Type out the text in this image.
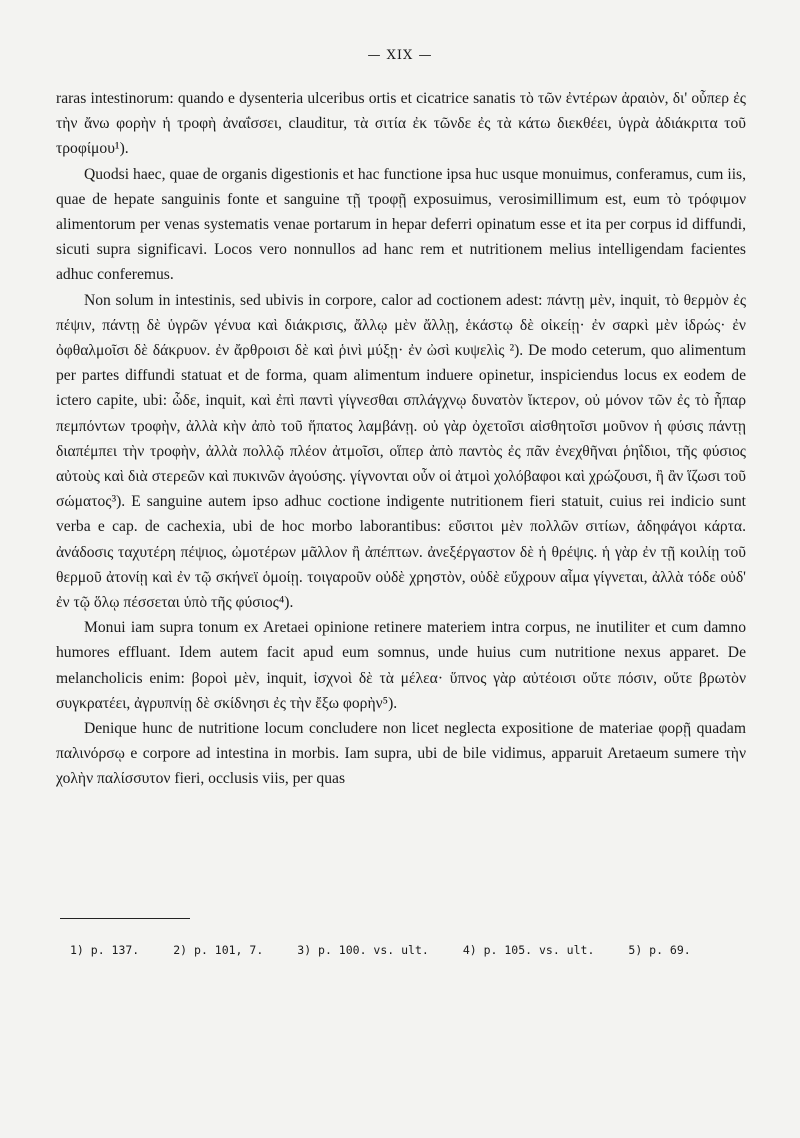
— XIX —

raras intestinorum: quando e dysenteria ulceribus ortis et cicatrice sanatis τὸ τῶν ἐντέρων ἀραιὸν, δι' οὗπερ ἐς τὴν ἄνω φορὴν ἡ τροφὴ ἀναΐσσει, clauditur, τὰ σιτία ἐκ τῶνδε ἐς τὰ κάτω διεκθέει, ὑγρὰ ἀδιάκριτα τοῦ τροφίμου¹).

Quodsi haec, quae de organis digestionis et hac functione ipsa huc usque monuimus, conferamus, cum iis, quae de hepate sanguinis fonte et sanguine τῇ τροφῇ exposuimus, verosimillimum est, eum τὸ τρόφιμον alimentorum per venas systematis venae portarum in hepar deferri opinatum esse et ita per corpus id diffundi, sicuti supra significavi. Locos vero nonnullos ad hanc rem et nutritionem melius intelligendam facientes adhuc conferemus.

Non solum in intestinis, sed ubivis in corpore, calor ad coctionem adest: πάντῃ μὲν, inquit, τὸ θερμὸν ἐς πέψιν, πάντῃ δὲ ὑγρῶν γένυα καὶ διάκρισις, ἄλλῳ μὲν ἄλλῃ, ἑκάστῳ δὲ οἰκείῃ· ἐν σαρκὶ μὲν ἱδρώς· ἐν ὀφθαλμοῖσι δὲ δάκρυον. ἐν ἄρθροισι δὲ καὶ ῥινὶ μύξῃ· ἐν ὠσὶ κυψελὶς ²). De modo ceterum, quo alimentum per partes diffundi statuat et de forma, quam alimentum induere opinetur, inspiciendus locus ex eodem de ictero capite, ubi: ὧδε, inquit, καὶ ἐπὶ παντὶ γίγνεσθαι σπλάγχνῳ δυνατὸν ἴκτερον, οὐ μόνον τῶν ἐς τὸ ἧπαρ πεμπόντων τροφὴν, ἀλλὰ κὴν ἀπὸ τοῦ ἥπατος λαμβάνῃ. οὐ γὰρ ὀχετοῖσι αἰσθητοῖσι μοῦνον ἡ φύσις πάντῃ διαπέμπει τὴν τροφὴν, ἀλλὰ πολλῷ πλέον ἀτμοῖσι, οἵπερ ἀπὸ παντὸς ἐς πᾶν ἐνεχθῆναι ῥηΐδιοι, τῆς φύσιος αὐτοὺς καὶ διὰ στερεῶν καὶ πυκινῶν ἀγούσης. γίγνονται οὖν οἱ ἀτμοὶ χολόβαφοι καὶ χρώζουσι, ἢ ἂν ἵζωσι τοῦ σώματος³). E sanguine autem ipso adhuc coctione indigente nutritionem fieri statuit, cuius rei indicio sunt verba e cap. de cachexia, ubi de hoc morbo laborantibus: εὔσιτοι μὲν πολλῶν σιτίων, ἀδηφάγοι κάρτα. ἀνάδοσις ταχυτέρη πέψιος, ὠμοτέρων μᾶλλον ἢ ἀπέπτων. ἀνεξέργαστον δὲ ἡ θρέψις. ἡ γὰρ ἐν τῇ κοιλίῃ τοῦ θερμοῦ ἀτονίῃ καὶ ἐν τῷ σκήνεϊ ὁμοίῃ. τοιγαροῦν οὐδὲ χρηστὸν, οὐδὲ εὔχρουν αἷμα γίγνεται, ἀλλὰ τόδε οὐδ' ἐν τῷ ὅλῳ πέσσεται ὑπὸ τῆς φύσιος⁴).

Monui iam supra tonum ex Aretaei opinione retinere materiem intra corpus, ne inutiliter et cum damno humores effluant. Idem autem facit apud eum somnus, unde huius cum nutritione nexus apparet. De melancholicis enim: βοροὶ μὲν, inquit, ἰσχνοὶ δὲ τὰ μέλεα· ὕπνος γὰρ αὐτέοισι οὔτε πόσιν, οὔτε βρωτὸν συγκρατέει, ἀγρυπνίῃ δὲ σκίδνησι ἐς τὴν ἔξω φορὴν⁵).

Denique hunc de nutritione locum concludere non licet neglecta expositione de materiae φορῇ quadam παλινόρσῳ e corpore ad intestina in morbis. Iam supra, ubi de bile vidimus, apparuit Aretaeum sumere τὴν χολὴν παλίσσυτον fieri, occlusis viis, per quas

1) p. 137.	2) p. 101, 7.	3) p. 100. vs. ult.	4) p. 105. vs. ult.	5) p. 69.
